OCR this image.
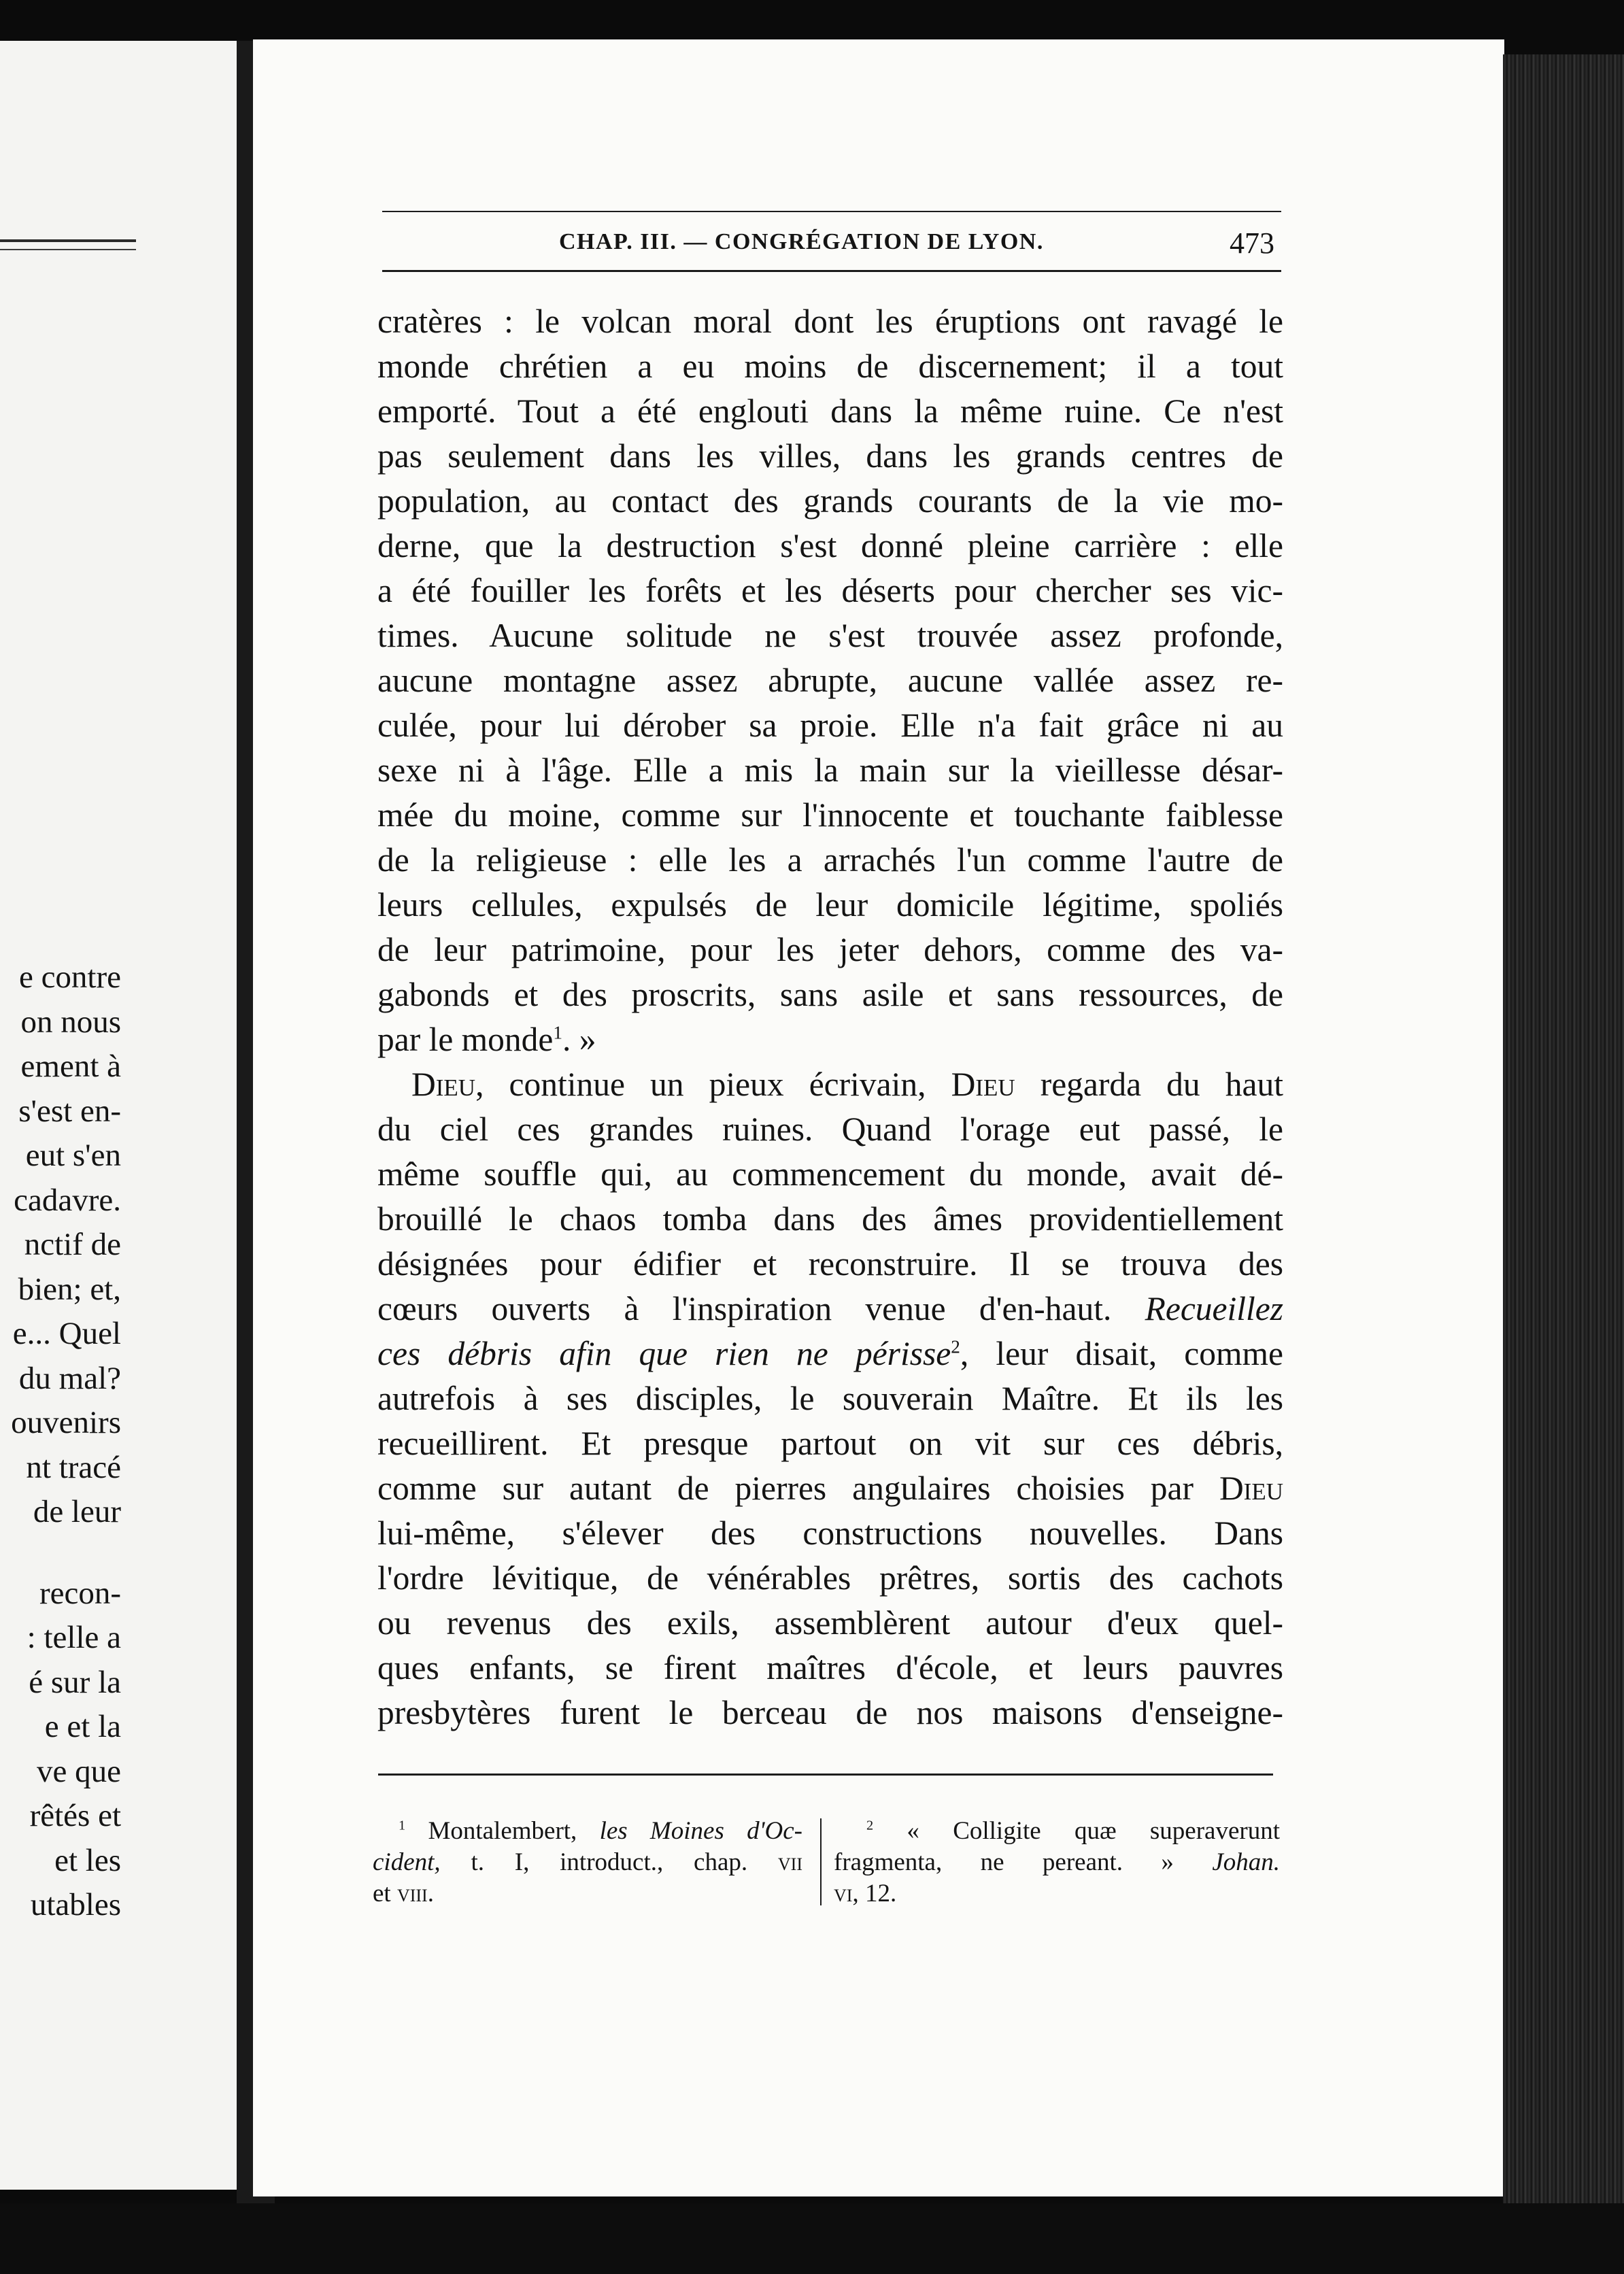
e contre
on nous
ement à
s'est en-
eut s'en
cadavre.
nctif de
bien; et,
e... Quel
du mal?
ouvenirs
nt tracé
de leur
recon-
: telle a
é sur la
e et la
ve que
rêtés et
et les
utables
CHAP. III. — CONGRÉGATION DE LYON.	473
cratères : le volcan moral dont les éruptions ont ravagé le
monde chrétien a eu moins de discernement; il a tout
emporté. Tout a été englouti dans la même ruine. Ce n'est
pas seulement dans les villes, dans les grands centres de
population, au contact des grands courants de la vie mo-
derne, que la destruction s'est donné pleine carrière : elle
a été fouiller les forêts et les déserts pour chercher ses vic-
times. Aucune solitude ne s'est trouvée assez profonde,
aucune montagne assez abrupte, aucune vallée assez re-
culée, pour lui dérober sa proie. Elle n'a fait grâce ni au
sexe ni à l'âge. Elle a mis la main sur la vieillesse désar-
mée du moine, comme sur l'innocente et touchante faiblesse
de la religieuse : elle les a arrachés l'un comme l'autre de
leurs cellules, expulsés de leur domicile légitime, spoliés
de leur patrimoine, pour les jeter dehors, comme des va-
gabonds et des proscrits, sans asile et sans ressources, de
par le monde$^1$. »
Dieu, continue un pieux écrivain, Dieu regarda du haut
du ciel ces grandes ruines. Quand l'orage eut passé, le
même souffle qui, au commencement du monde, avait dé-
brouillé le chaos tomba dans des âmes providentiellement
désignées pour édifier et reconstruire. Il se trouva des
cœurs ouverts à l'inspiration venue d'en-haut. Recueillez
ces débris afin que rien ne périsse$^2$, leur disait, comme
autrefois à ses disciples, le souverain Maître. Et ils les
recueillirent. Et presque partout on vit sur ces débris,
comme sur autant de pierres angulaires choisies par Dieu
lui-même, s'élever des constructions nouvelles. Dans
l'ordre lévitique, de vénérables prêtres, sortis des cachots
ou revenus des exils, assemblèrent autour d'eux quel-
ques enfants, se firent maîtres d'école, et leurs pauvres
presbytères furent le berceau de nos maisons d'enseigne-
$^1$ Montalembert, les Moines d'Oc-
cident, t. I, introduct., chap. vii
et viii.
$^2$ « Colligite quæ superaverunt
fragmenta, ne pereant. » Johan.
vi, 12.
